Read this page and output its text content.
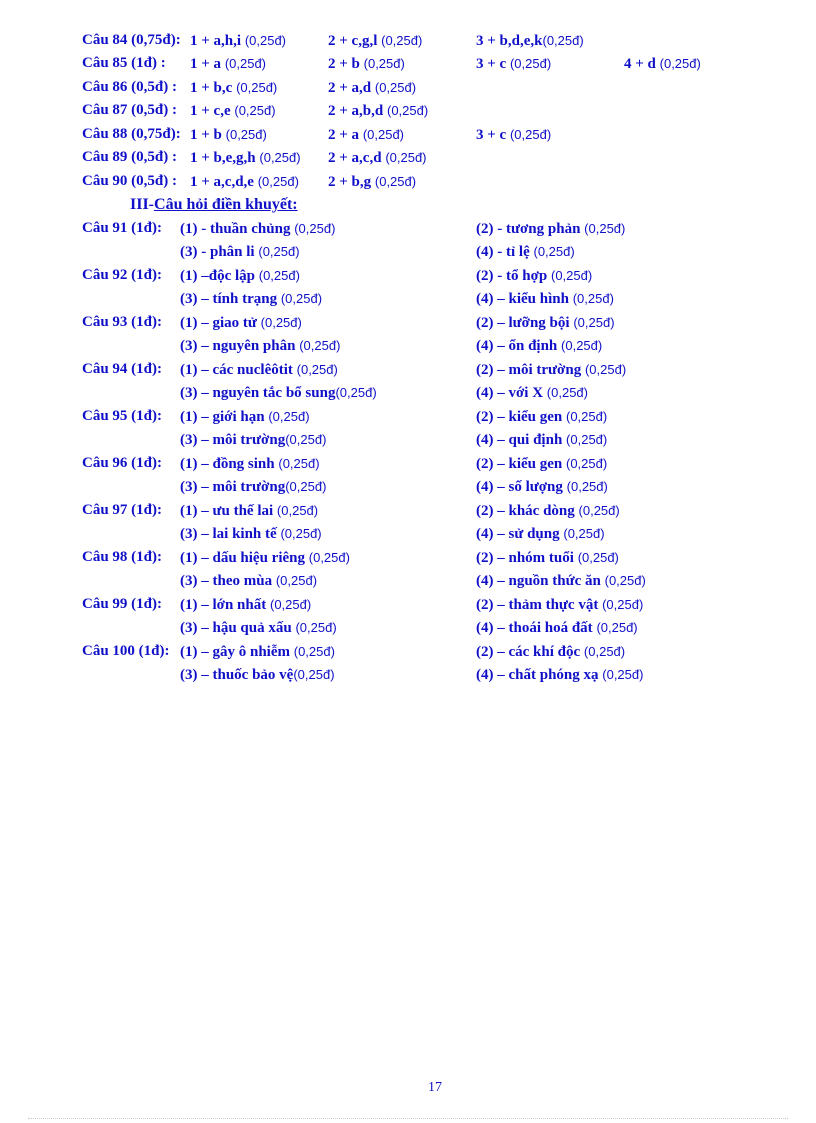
Câu 84 (0,75đ): 1 + a,h,i (0,25đ)	2 + c,g,l (0,25đ)	3 + b,d,e,k(0,25đ)
Câu 85 (1đ) : 1 + a (0,25đ)	2 + b (0,25đ)	3 + c (0,25đ)	4 + d (0,25đ)
Câu 86 (0,5đ) : 1 + b,c (0,25đ)	2 + a,d (0,25đ)
Câu 87 (0,5đ) : 1 + c,e (0,25đ)	2 + a,b,d (0,25đ)
Câu 88 (0,75đ): 1 + b (0,25đ)	2 + a (0,25đ)	3 + c (0,25đ)
Câu 89 (0,5đ) : 1 + b,e,g,h (0,25đ) 2 + a,c,d (0,25đ)
Câu 90 (0,5đ) : 1 + a,c,d,e (0,25đ) 2 + b,g (0,25đ)
III-Câu hỏi điền khuyết:
Câu 91 (1đ): (1) - thuần chủng (0,25đ)	(2) - tương phản (0,25đ)
(3) - phân li (0,25đ)	(4) - tỉ lệ (0,25đ)
Câu 92 (1đ): (1) –độc lập (0,25đ)	(2) - tổ hợp (0,25đ)
(3) – tính trạng (0,25đ)	(4) – kiểu hình (0,25đ)
Câu 93 (1đ): (1) – giao tử (0,25đ)	(2) – lưỡng bội (0,25đ)
(3) – nguyên phân (0,25đ)	(4) – ổn định (0,25đ)
Câu 94 (1đ): (1) – các nuclêôtit (0,25đ)	(2) – môi trường (0,25đ)
(3) – nguyên tắc bổ sung(0,25đ)	(4) – với X (0,25đ)
Câu 95 (1đ): (1) – giới hạn (0,25đ)	(2) – kiểu gen (0,25đ)
(3) – môi trường(0,25đ)	(4) – qui định (0,25đ)
Câu 96 (1đ): (1) – đồng sinh (0,25đ)	(2) – kiểu gen (0,25đ)
(3) – môi trường(0,25đ)	(4) – số lượng (0,25đ)
Câu 97 (1đ): (1) – ưu thế lai (0,25đ)	(2) – khác dòng (0,25đ)
(3) – lai kinh tế (0,25đ)	(4) – sử dụng (0,25đ)
Câu 98 (1đ): (1) – dấu hiệu riêng (0,25đ)	(2) – nhóm tuổi (0,25đ)
(3) – theo mùa (0,25đ)	(4) – nguồn thức ăn (0,25đ)
Câu 99 (1đ): (1) – lớn nhất (0,25đ)	(2) – thảm thực vật (0,25đ)
(3) – hậu quả xấu (0,25đ)	(4) – thoái hoá đất (0,25đ)
Câu 100 (1đ): (1) – gây ô nhiễm (0,25đ)	(2) – các khí độc (0,25đ)
(3) – thuốc bảo vệ(0,25đ)	(4) – chất phóng xạ (0,25đ)
17
